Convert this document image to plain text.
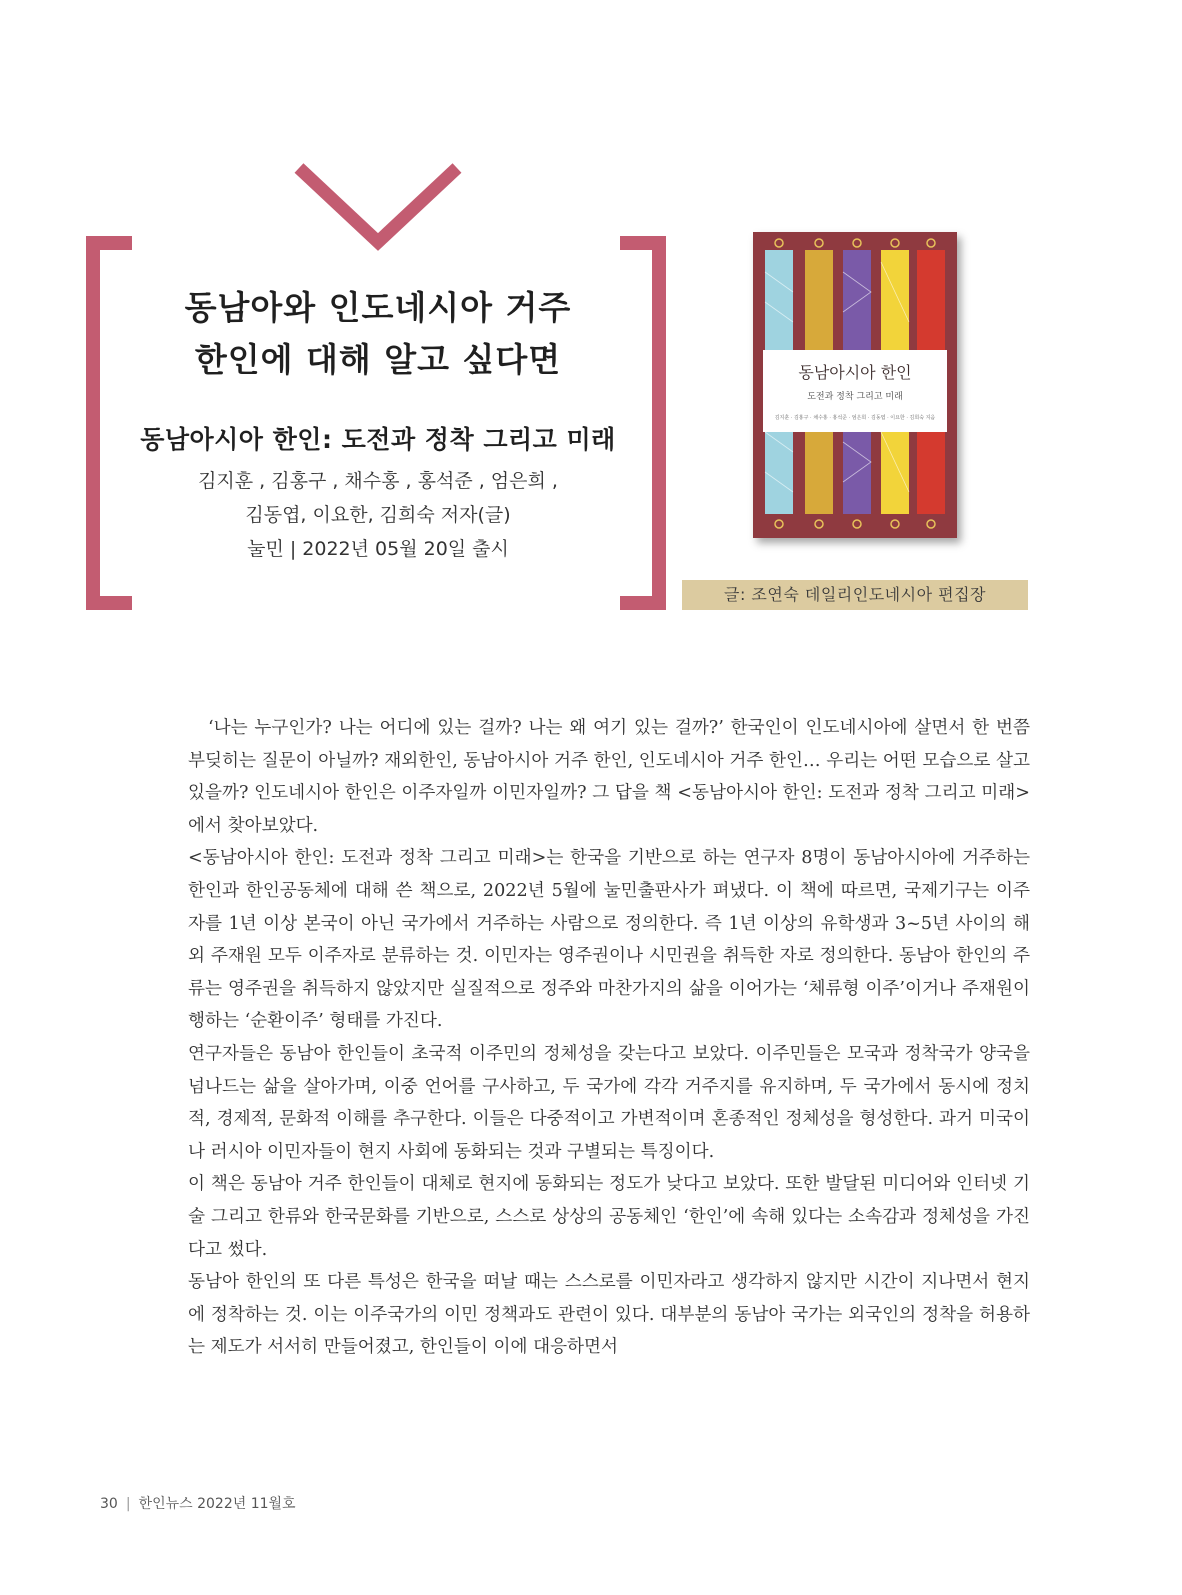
동남아와 인도네시아 거주
한인에 대해 알고 싶다면
동남아시아 한인: 도전과 정착 그리고 미래
김지훈 , 김홍구 , 채수홍 , 홍석준 , 엄은희 ,
김동엽, 이요한, 김희숙 저자(글)
눌민 | 2022년 05월 20일 출시
동남아시아 한인
도전과 정착 그리고 미래
김지훈 · 김홍구 · 채수홍 · 홍석준 · 엄은희 · 김동엽 · 이요한 · 김희숙 지음
글: 조연숙 데일리인도네시아 편집장

‘나는 누구인가? 나는 어디에 있는 걸까? 나는 왜 여기 있는 걸까?’ 한국인이 인도네시아에 살면서 한 번쯤 부딪히는 질문이 아닐까? 재외한인, 동남아시아 거주 한인, 인도네시아 거주 한인… 우리는 어떤 모습으로 살고 있을까? 인도네시아 한인은 이주자일까 이민자일까? 그 답을 책 <동남아시아 한인: 도전과 정착 그리고 미래>에서 찾아보았다.

<동남아시아 한인: 도전과 정착 그리고 미래>는 한국을 기반으로 하는 연구자 8명이 동남아시아에 거주하는 한인과 한인공동체에 대해 쓴 책으로, 2022년 5월에 눌민출판사가 펴냈다. 이 책에 따르면, 국제기구는 이주자를 1년 이상 본국이 아닌 국가에서 거주하는 사람으로 정의한다. 즉 1년 이상의 유학생과 3~5년 사이의 해외 주재원 모두 이주자로 분류하는 것. 이민자는 영주권이나 시민권을 취득한 자로 정의한다. 동남아 한인의 주류는 영주권을 취득하지 않았지만 실질적으로 정주와 마찬가지의 삶을 이어가는 ‘체류형 이주’이거나 주재원이 행하는 ‘순환이주’ 형태를 가진다.

연구자들은 동남아 한인들이 초국적 이주민의 정체성을 갖는다고 보았다. 이주민들은 모국과 정착국가 양국을 넘나드는 삶을 살아가며, 이중 언어를 구사하고, 두 국가에 각각 거주지를 유지하며, 두 국가에서 동시에 정치적, 경제적, 문화적 이해를 추구한다. 이들은 다중적이고 가변적이며 혼종적인 정체성을 형성한다. 과거 미국이나 러시아 이민자들이 현지 사회에 동화되는 것과 구별되는 특징이다.

이 책은 동남아 거주 한인들이 대체로 현지에 동화되는 정도가 낮다고 보았다. 또한 발달된 미디어와 인터넷 기술 그리고 한류와 한국문화를 기반으로, 스스로 상상의 공동체인 ‘한인’에 속해 있다는 소속감과 정체성을 가진다고 썼다.

동남아 한인의 또 다른 특성은 한국을 떠날 때는 스스로를 이민자라고 생각하지 않지만 시간이 지나면서 현지에 정착하는 것. 이는 이주국가의 이민 정책과도 관련이 있다. 대부분의 동남아 국가는 외국인의 정착을 허용하는 제도가 서서히 만들어졌고, 한인들이 이에 대응하면서

30 | 한인뉴스 2022년 11월호
